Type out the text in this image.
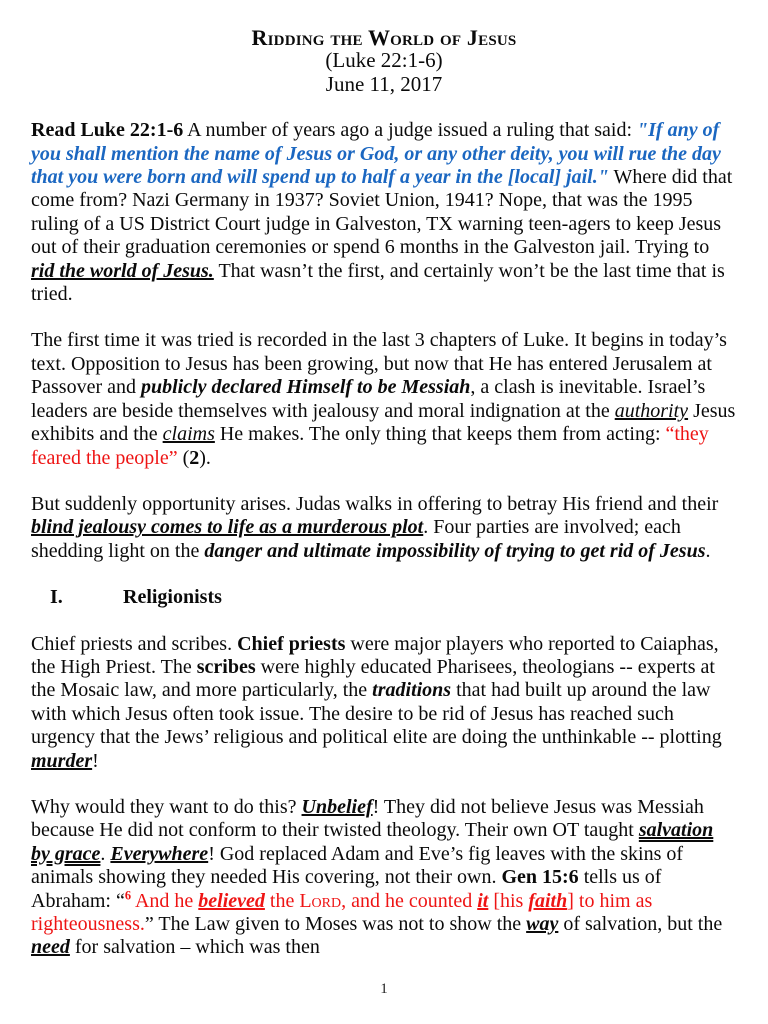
Ridding the World of Jesus
(Luke 22:1-6)
June 11, 2017

Read Luke 22:1-6 A number of years ago a judge issued a ruling that said: "If any of you shall mention the name of Jesus or God, or any other deity, you will rue the day that you were born and will spend up to half a year in the [local] jail." Where did that come from? Nazi Germany in 1937? Soviet Union, 1941? Nope, that was the 1995 ruling of a US District Court judge in Galveston, TX warning teen-agers to keep Jesus out of their graduation ceremonies or spend 6 months in the Galveston jail. Trying to rid the world of Jesus. That wasn’t the first, and certainly won’t be the last time that is tried.

The first time it was tried is recorded in the last 3 chapters of Luke. It begins in today’s text. Opposition to Jesus has been growing, but now that He has entered Jerusalem at Passover and publicly declared Himself to be Messiah, a clash is inevitable. Israel’s leaders are beside themselves with jealousy and moral indignation at the authority Jesus exhibits and the claims He makes. The only thing that keeps them from acting: “they feared the people” (2).

But suddenly opportunity arises. Judas walks in offering to betray His friend and their blind jealousy comes to life as a murderous plot. Four parties are involved; each shedding light on the danger and ultimate impossibility of trying to get rid of Jesus.

I.	Religionists

Chief priests and scribes. Chief priests were major players who reported to Caiaphas, the High Priest. The scribes were highly educated Pharisees, theologians -- experts at the Mosaic law, and more particularly, the traditions that had built up around the law with which Jesus often took issue. The desire to be rid of Jesus has reached such urgency that the Jews’ religious and political elite are doing the unthinkable -- plotting murder!

Why would they want to do this? Unbelief! They did not believe Jesus was Messiah because He did not conform to their twisted theology. Their own OT taught salvation by grace. Everywhere! God replaced Adam and Eve’s fig leaves with the skins of animals showing they needed His covering, not their own. Gen 15:6 tells us of Abraham: “$^6$ And he believed the Lord, and he counted it [his faith] to him as righteousness.” The Law given to Moses was not to show the way of salvation, but the need for salvation – which was then

1
